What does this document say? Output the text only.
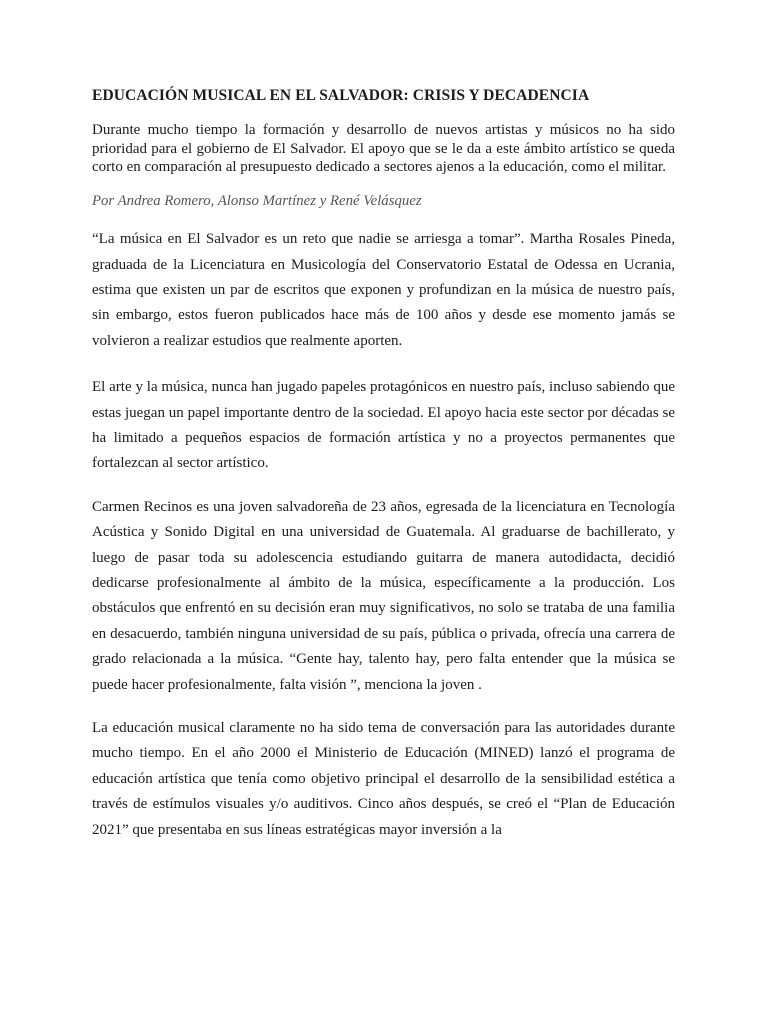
EDUCACIÓN MUSICAL EN EL SALVADOR: CRISIS Y DECADENCIA

Durante mucho tiempo la formación y desarrollo de nuevos artistas y músicos no ha sido prioridad para el gobierno de El Salvador. El apoyo que se le da a este ámbito artístico se queda corto en comparación al presupuesto dedicado a sectores ajenos a la educación, como el militar.

Por Andrea Romero, Alonso Martínez y René Velásquez

“La música en El Salvador es un reto que nadie se arriesga a tomar”. Martha Rosales Pineda, graduada de la Licenciatura en Musicología del Conservatorio Estatal de Odessa en Ucrania, estima que existen un par de escritos que exponen y profundizan en la música de nuestro país, sin embargo, estos fueron publicados hace más de 100 años y desde ese momento jamás se volvieron a realizar estudios que realmente aporten.

El arte y la música, nunca han jugado papeles protagónicos en nuestro país, incluso sabiendo que estas juegan un papel importante dentro de la sociedad. El apoyo hacia este sector por décadas se ha limitado a pequeños espacios de formación artística y no a proyectos permanentes que fortalezcan al sector artístico.

Carmen Recinos es una joven salvadoreña de 23 años, egresada de la licenciatura en Tecnología Acústica y Sonido Digital en una universidad de Guatemala. Al graduarse de bachillerato, y luego de pasar toda su adolescencia estudiando guitarra de manera autodidacta, decidió dedicarse profesionalmente al ámbito de la música, específicamente a la producción. Los obstáculos que enfrentó en su decisión eran muy significativos, no solo se trataba de una familia en desacuerdo, también ninguna universidad de su país, pública o privada, ofrecía una carrera de grado relacionada a la música. “Gente hay, talento hay, pero falta entender que la música se puede hacer profesionalmente, falta visión ”, menciona la joven .

La educación musical claramente no ha sido tema de conversación para las autoridades durante mucho tiempo. En el año 2000 el Ministerio de Educación (MINED) lanzó el programa de educación artística que tenía como objetivo principal el desarrollo de la sensibilidad estética a través de estímulos visuales y/o auditivos. Cinco años después, se creó el “Plan de Educación 2021” que presentaba en sus líneas estratégicas mayor inversión a la
